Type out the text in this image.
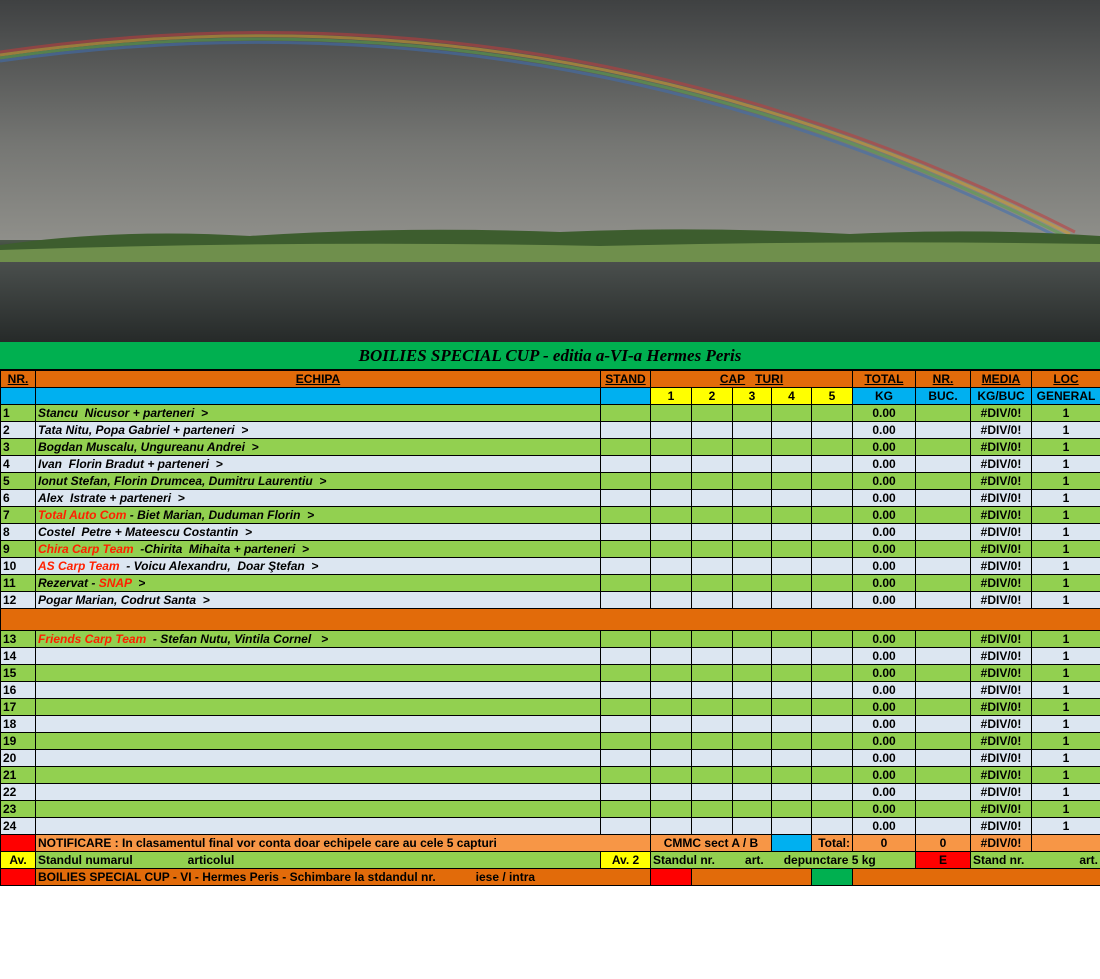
BOILIES SPECIAL CUP - editia a-VI-a Hermes Peris
NR.	ECHIPA	STAND	CAP TURI					TOTAL	NR.	MEDIA	LOC
			1	2	3	4	5	KG	BUC.	KG/BUC	GENERAL
1	Stancu  Nicusor + parteneri  >							0.00		#DIV/0!	1
2	Tata Nitu, Popa Gabriel + parteneri  >							0.00		#DIV/0!	1
3	Bogdan Muscalu, Ungureanu Andrei  >							0.00		#DIV/0!	1
4	Ivan  Florin Bradut + parteneri  >							0.00		#DIV/0!	1
5	Ionut Stefan, Florin Drumcea, Dumitru Laurentiu  >							0.00		#DIV/0!	1
6	Alex  Istrate + parteneri  >							0.00		#DIV/0!	1
7	Total Auto Com - Biet Marian, Duduman Florin  >							0.00		#DIV/0!	1
8	Costel  Petre + Mateescu Costantin  >							0.00		#DIV/0!	1
9	Chira Carp Team  -Chirita  Mihaita + parteneri  >							0.00		#DIV/0!	1
10	AS Carp Team  - Voicu Alexandru,  Doar Ştefan  >							0.00		#DIV/0!	1
11	Rezervat - SNAP  >							0.00		#DIV/0!	1
12	Pogar Marian, Codrut Santa  >							0.00		#DIV/0!	1

13	Friends Carp Team  - Stefan Nutu, Vintila Cornel   >							0.00		#DIV/0!	1
14								0.00		#DIV/0!	1
15								0.00		#DIV/0!	1
16								0.00		#DIV/0!	1
17								0.00		#DIV/0!	1
18								0.00		#DIV/0!	1
19								0.00		#DIV/0!	1
20								0.00		#DIV/0!	1
21								0.00		#DIV/0!	1
22								0.00		#DIV/0!	1
23								0.00		#DIV/0!	1
24								0.00		#DIV/0!	1
	NOTIFICARE : In clasamentul final vor conta doar echipele care au cele 5 capturi		CMMC sect A / B				Total:	0	0	#DIV/0!	
Av.	Standul numarul articolul	Av. 2	Standul nr. art. depunctare 5 kg						E	Stand nr. art.	

	BOILIES SPECIAL CUP - VI - Hermes Peris - Schimbare la stdandul nr. iese / intra										
